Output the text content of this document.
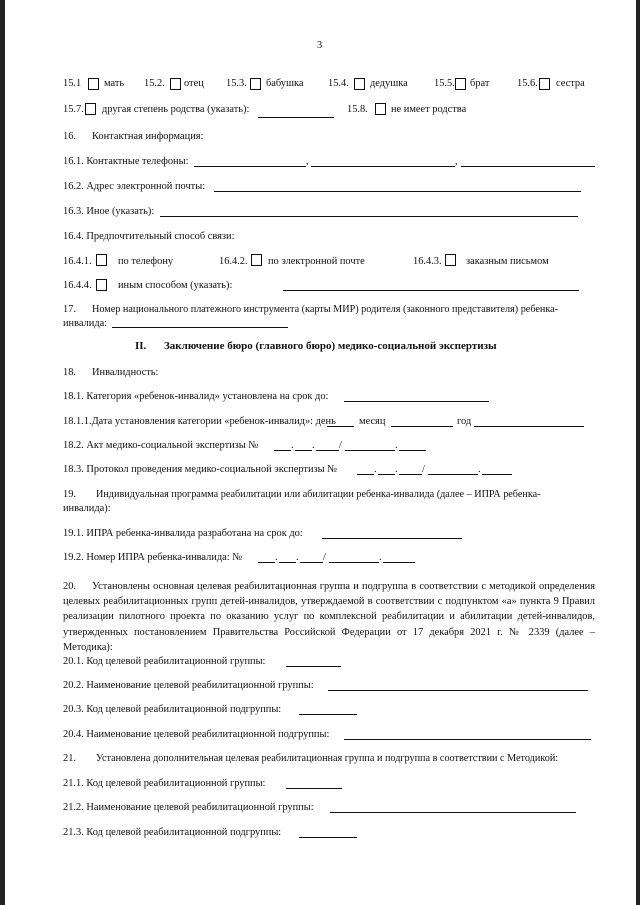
3
15.1 мать 15.2. отец 15.3. бабушка 15.4. дедушка	15.5. брат	15.6. сестра
15.7. другая степень родства (указать):	15.8. не имеет родства
16. Контактная информация:
16.1. Контактные телефоны:	,	,
16.2. Адрес электронной почты:
16.3. Иное (указать):
16.4. Предпочтительный способ связи:
16.4.1.	по телефону	16.4.2. по электронной почте	16.4.3. заказным письмом
16.4.4.	иным способом (указать):
17. Номер национального платежного инструмента (карты МИР) родителя (законного представителя) ребенка-
инвалида:
II. Заключение бюро (главного бюро) медико-социальной экспертизы
18. Инвалидность:
18.1. Категория «ребенок-инвалид» установлена на срок до:
18.1.1.Дата установления категории «ребенок-инвалид»: день месяц	год
18.2. Акт медико-социальной экспертизы №	. . /	.
18.3. Протокол проведения медико-социальной экспертизы №	. . /	.
19. Индивидуальная программа реабилитации или абилитации ребенка-инвалида (далее – ИПРА ребенка-
инвалида):
19.1. ИПРА ребенка-инвалида разработана на срок до:
19.2. Номер ИПРА ребенка-инвалида: №	. . /	.
20. Установлены основная целевая реабилитационная группа и подгруппа в соответствии с методикой определения целевых реабилитационных групп детей-инвалидов, утверждаемой в соответствии с подпунктом «а» пункта 9 Правил реализации пилотного проекта по оказанию услуг по комплексной реабилитации и абилитации детей-инвалидов, утвержденных постановлением Правительства Российской Федерации от 17 декабря 2021 г. № 2339 (далее – Методика):
20.1. Код целевой реабилитационной группы:
20.2. Наименование целевой реабилитационной группы:
20.3. Код целевой реабилитационной подгруппы:
20.4. Наименование целевой реабилитационной подгруппы:
21. Установлена дополнительная целевая реабилитационная группа и подгруппа в соответствии с Методикой:
21.1. Код целевой реабилитационной группы:
21.2. Наименование целевой реабилитационной группы:
21.3. Код целевой реабилитационной подгруппы:
